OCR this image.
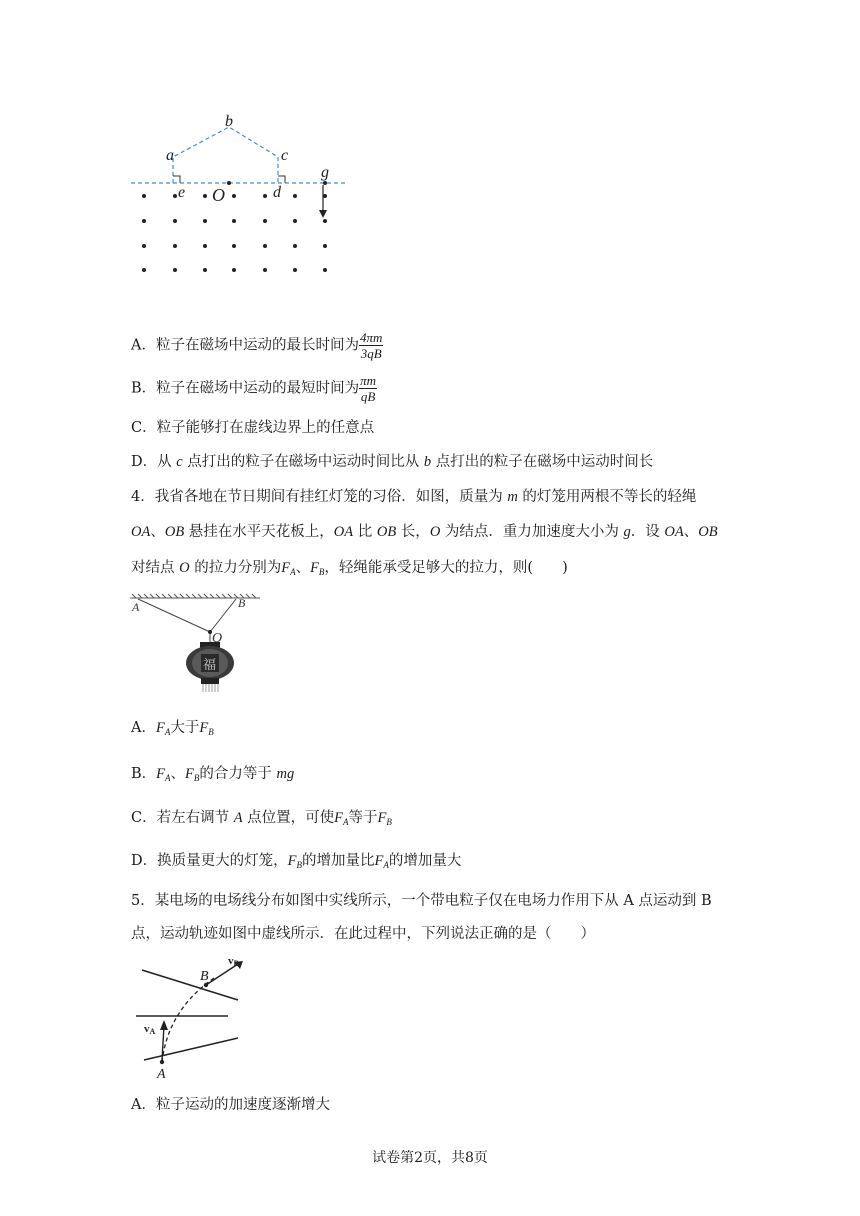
a
b
c
d
e O
g
A．粒子在磁场中运动的最长时间为 $\frac{4\pi m}{3qB}$
B．粒子在磁场中运动的最短时间为 $\frac{\pi m}{qB}$
C．粒子能够打在虚线边界上的任意点
D．从 c 点打出的粒子在磁场中运动时间比从 b 点打出的粒子在磁场中运动时间长
4．我省各地在节日期间有挂红灯笼的习俗．如图，质量为 m 的灯笼用两根不等长的轻绳
OA、OB 悬挂在水平天花板上，OA 比 OB 长，O 为结点．重力加速度大小为 g．设 OA、OB
对结点 O 的拉力分别为$F_A$、$F_B$，轻绳能承受足够大的拉力，则(　　)
福
A	B
O
A．$F_A$大于$F_B$
B．$F_A$、$F_B$的合力等于 mg
C．若左右调节 A 点位置，可使$F_A$等于$F_B$
D．换质量更大的灯笼，$F_B$的增加量比$F_A$的增加量大
5．某电场的电场线分布如图中实线所示，一个带电粒子仅在电场力作用下从 A 点运动到 B
点，运动轨迹如图中虚线所示．在此过程中，下列说法正确的是（　　）
B
A
vB
vA
A．粒子运动的加速度逐渐增大
试卷第2页，共8页
